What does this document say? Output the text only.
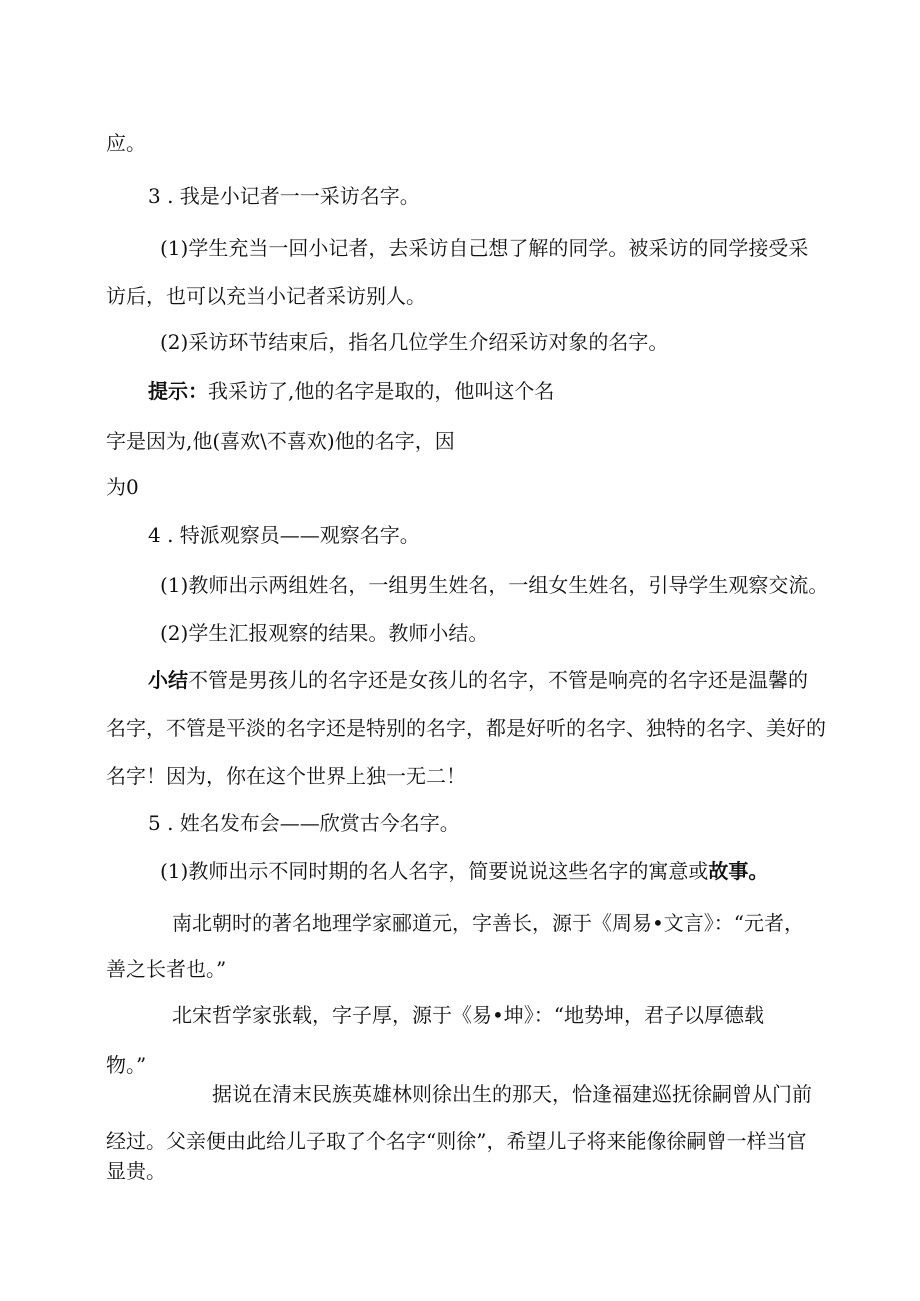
应。

3 . 我是小记者一一采访名字。

(1)学生充当一回小记者，去采访自己想了解的同学。被采访的同学接受采

访后，也可以充当小记者采访别人。

(2)采访环节结束后，指名几位学生介绍采访对象的名字。

提示：我采访了,他的名字是取的，他叫这个名

字是因为,他(喜欢\不喜欢)他的名字，因

为0

4 . 特派观察员——观察名字。

(1)教师出示两组姓名，一组男生姓名，一组女生姓名，引导学生观察交流。

(2)学生汇报观察的结果。教师小结。

小结不管是男孩儿的名字还是女孩儿的名字，不管是响亮的名字还是温馨的

名字，不管是平淡的名字还是特别的名字，都是好听的名字、独特的名字、美好的

名字！因为，你在这个世界上独一无二！

5 . 姓名发布会——欣赏古今名字。

(1)教师出示不同时期的名人名字，简要说说这些名字的寓意或故事。

南北朝时的著名地理学家郦道元，字善长，源于《周易•文言》：“元者，

善之长者也。”

北宋哲学家张载，字子厚，源于《易•坤》：“地势坤，君子以厚德载

物。”

据说在清末民族英雄林则徐出生的那天，恰逢福建巡抚徐嗣曾从门前

经过。父亲便由此给儿子取了个名字“则徐”，希望儿子将来能像徐嗣曾一样当官

显贵。
